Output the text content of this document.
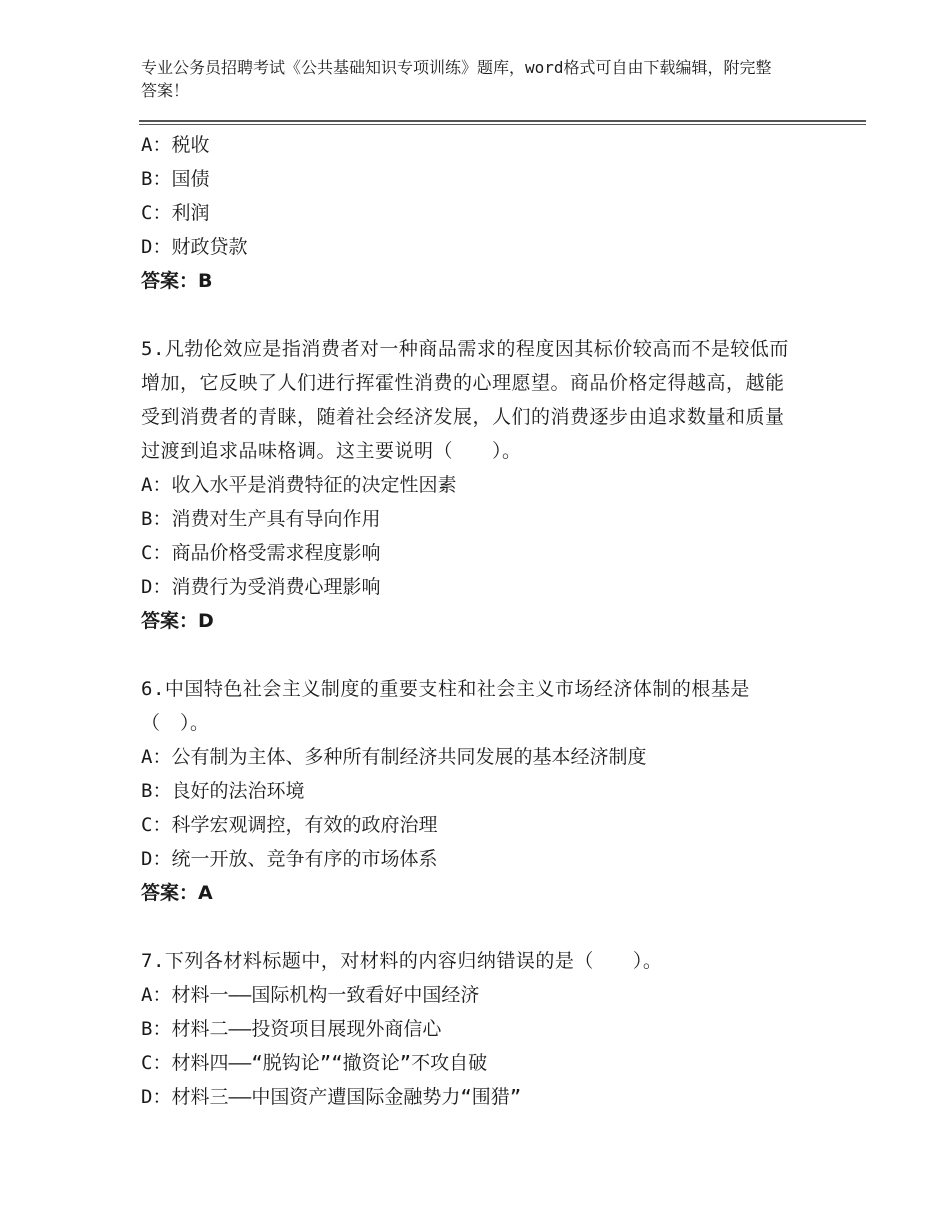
专业公务员招聘考试《公共基础知识专项训练》题库，word格式可自由下载编辑，附完整答案！
A：税收
B：国债
C：利润
D：财政贷款
答案：B
5.凡勃伦效应是指消费者对一种商品需求的程度因其标价较高而不是较低而增加，它反映了人们进行挥霍性消费的心理愿望。商品价格定得越高，越能受到消费者的青睐，随着社会经济发展，人们的消费逐步由追求数量和质量过渡到追求品味格调。这主要说明（　　）。
A：收入水平是消费特征的决定性因素
B：消费对生产具有导向作用
C：商品价格受需求程度影响
D：消费行为受消费心理影响
答案：D
6.中国特色社会主义制度的重要支柱和社会主义市场经济体制的根基是（　）。
A：公有制为主体、多种所有制经济共同发展的基本经济制度
B：良好的法治环境
C：科学宏观调控，有效的政府治理
D：统一开放、竞争有序的市场体系
答案：A
7.下列各材料标题中，对材料的内容归纳错误的是（　　）。
A：材料一——国际机构一致看好中国经济
B：材料二——投资项目展现外商信心
C：材料四——“脱钩论”“撤资论”不攻自破
D：材料三——中国资产遭国际金融势力“围猎”
